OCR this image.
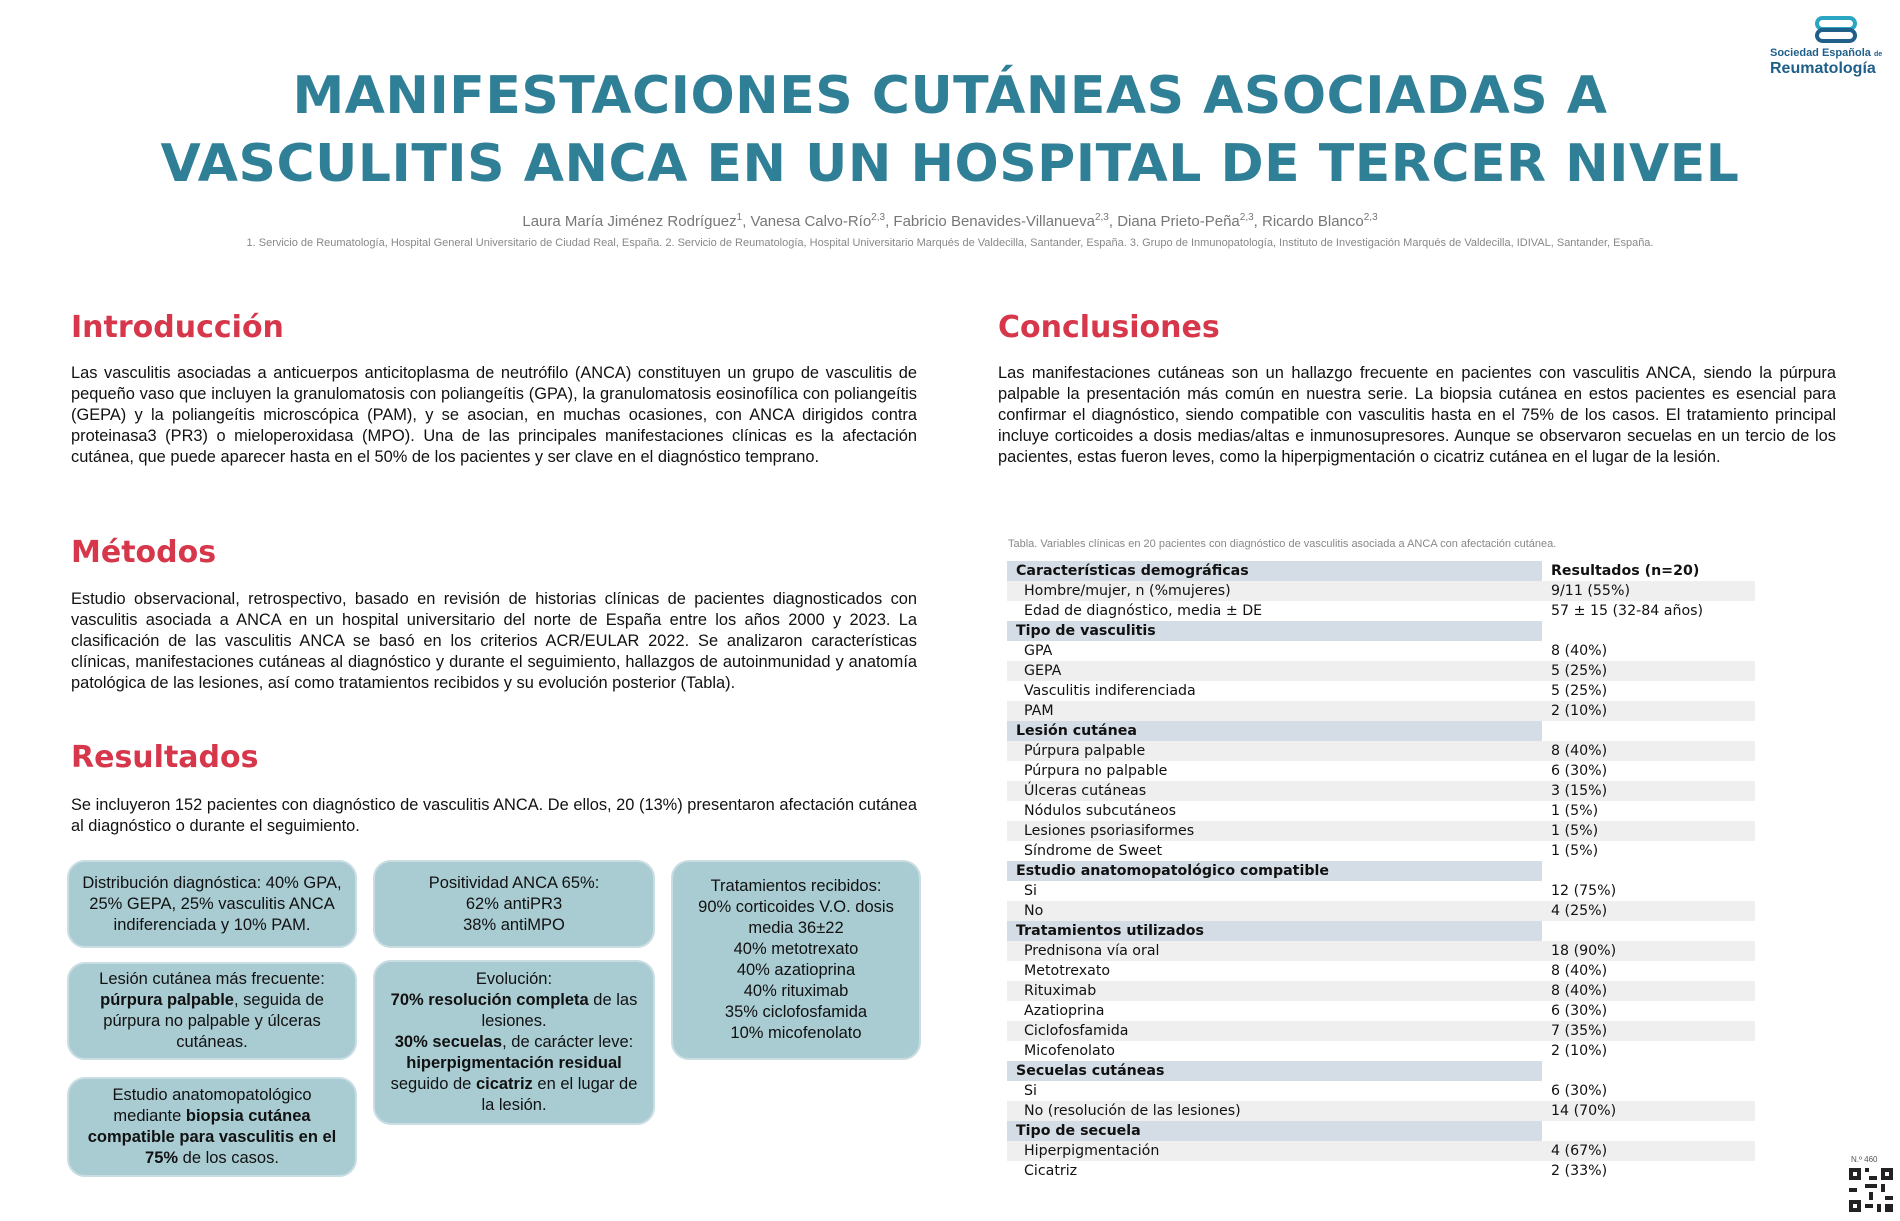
MANIFESTACIONES CUTÁNEAS ASOCIADAS A
VASCULITIS ANCA EN UN HOSPITAL DE TERCER NIVEL
Sociedad Española de
Reumatología
Laura María Jiménez Rodríguez$^1$, Vanesa Calvo-Río$^{2,3}$, Fabricio Benavides-Villanueva$^{2,3}$, Diana Prieto-Peña$^{2,3}$, Ricardo Blanco$^{2,3}$
1. Servicio de Reumatología, Hospital General Universitario de Ciudad Real, España. 2. Servicio de Reumatología, Hospital Universitario Marqués de Valdecilla, Santander, España. 3. Grupo de Inmunopatología, Instituto de Investigación Marqués de Valdecilla, IDIVAL, Santander, España.
Introducción
Las vasculitis asociadas a anticuerpos anticitoplasma de neutrófilo (ANCA) constituyen un grupo de vasculitis de pequeño vaso que incluyen la granulomatosis con poliangeítis (GPA), la granulomatosis eosinofílica con poliangeítis (GEPA) y la poliangeítis microscópica (PAM), y se asocian, en muchas ocasiones, con ANCA dirigidos contra proteinasa3 (PR3) o mieloperoxidasa (MPO). Una de las principales manifestaciones clínicas es la afectación cutánea, que puede aparecer hasta en el 50% de los pacientes y ser clave en el diagnóstico temprano.
Métodos
Estudio observacional, retrospectivo, basado en revisión de historias clínicas de pacientes diagnosticados con vasculitis asociada a ANCA en un hospital universitario del norte de España entre los años 2000 y 2023. La clasificación de las vasculitis ANCA se basó en los criterios ACR/EULAR 2022. Se analizaron características clínicas, manifestaciones cutáneas al diagnóstico y durante el seguimiento, hallazgos de autoinmunidad y anatomía patológica de las lesiones, así como tratamientos recibidos y su evolución posterior (Tabla).
Resultados
Se incluyeron 152 pacientes con diagnóstico de vasculitis ANCA. De ellos, 20 (13%) presentaron afectación cutánea al diagnóstico o durante el seguimiento.
Distribución diagnóstica: 40% GPA, 25% GEPA, 25% vasculitis ANCA indiferenciada y 10% PAM.
Positividad ANCA 65%:
62% antiPR3
38% antiMPO
Tratamientos recibidos:
90% corticoides V.O. dosis media 36±22
40% metotrexato
40% azatioprina
40% rituximab
35% ciclofosfamida
10% micofenolato
Lesión cutánea más frecuente: púrpura palpable, seguida de púrpura no palpable y úlceras cutáneas.
Evolución:
70% resolución completa de las lesiones.
30% secuelas, de carácter leve: hiperpigmentación residual seguido de cicatriz en el lugar de la lesión.
Estudio anatomopatológico mediante biopsia cutánea compatible para vasculitis en el 75% de los casos.
Conclusiones
Las manifestaciones cutáneas son un hallazgo frecuente en pacientes con vasculitis ANCA, siendo la púrpura palpable la presentación más común en nuestra serie. La biopsia cutánea en estos pacientes es esencial para confirmar el diagnóstico, siendo compatible con vasculitis hasta en el 75% de los casos. El tratamiento principal incluye corticoides a dosis medias/altas e inmunosupresores. Aunque se observaron secuelas en un tercio de los pacientes, estas fueron leves, como la hiperpigmentación o cicatriz cutánea en el lugar de la lesión.
Tabla. Variables clínicas en 20 pacientes con diagnóstico de vasculitis asociada a ANCA con afectación cutánea.
Características demográficas	Resultados (n=20)
Hombre/mujer, n (%mujeres)	9/11 (55%)
Edad de diagnóstico, media ± DE	57 ± 15 (32-84 años)
Tipo de vasculitis	
GPA	8 (40%)
GEPA	5 (25%)
Vasculitis indiferenciada	5 (25%)
PAM	2 (10%)
Lesión cutánea	
Púrpura palpable	8 (40%)
Púrpura no palpable	6 (30%)
Úlceras cutáneas	3 (15%)
Nódulos subcutáneos	1 (5%)
Lesiones psoriasiformes	1 (5%)
Síndrome de Sweet	1 (5%)
Estudio anatomopatológico compatible	
Si	12 (75%)
No	4 (25%)
Tratamientos utilizados	
Prednisona vía oral	18 (90%)
Metotrexato	8 (40%)
Rituximab	8 (40%)
Azatioprina	6 (30%)
Ciclofosfamida	7 (35%)
Micofenolato	2 (10%)
Secuelas cutáneas	
Si	6 (30%)
No (resolución de las lesiones)	14 (70%)
Tipo de secuela	
Hiperpigmentación	4 (67%)
Cicatriz	2 (33%)
N.º 460
